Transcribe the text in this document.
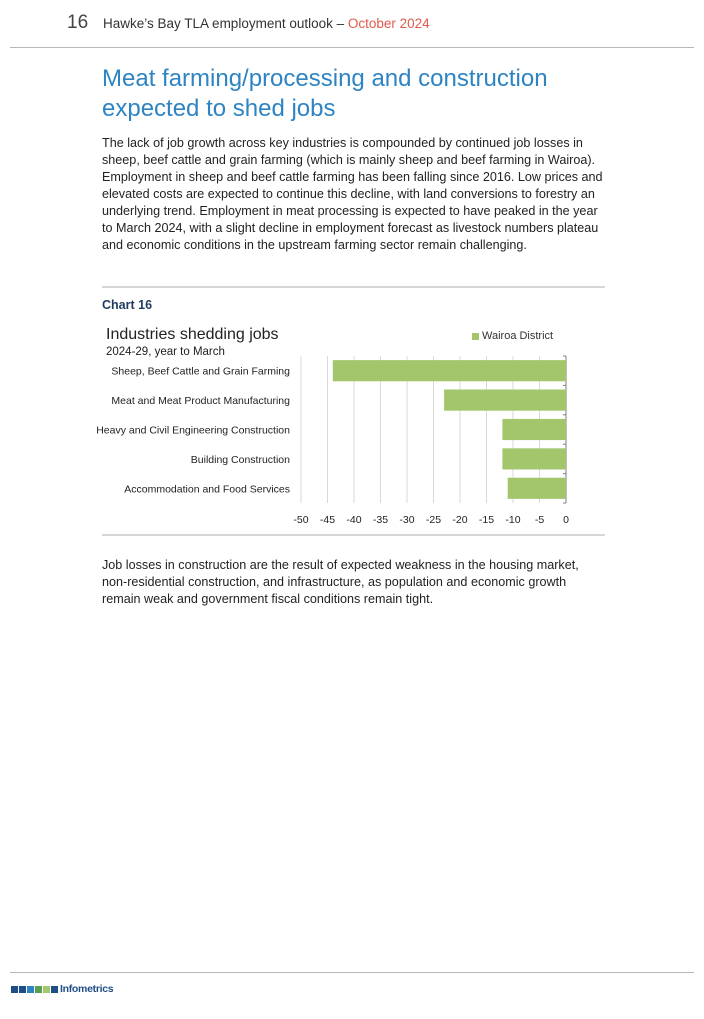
16 Hawke’s Bay TLA employment outlook – October 2024
Meat farming/processing and construction expected to shed jobs

The lack of job growth across key industries is compounded by continued job losses in sheep, beef cattle and grain farming (which is mainly sheep and beef farming in Wairoa). Employment in sheep and beef cattle farming has been falling since 2016. Low prices and elevated costs are expected to continue this decline, with land conversions to forestry an underlying trend. Employment in meat processing is expected to have peaked in the year to March 2024, with a slight decline in employment forecast as livestock numbers plateau and economic conditions in the upstream farming sector remain challenging.

Chart 16
Industries shedding jobs
2024-29, year to March
Wairoa District
Sheep, Beef Cattle and Grain Farming
Meat and Meat Product Manufacturing
Heavy and Civil Engineering Construction
Building Construction
Accommodation and Food Services
-50 -45 -40 -35 -30 -25 -20 -15 -10 -5 0

Job losses in construction are the result of expected weakness in the housing market, non-residential construction, and infrastructure, as population and economic growth remain weak and government fiscal conditions remain tight.

Infometrics
